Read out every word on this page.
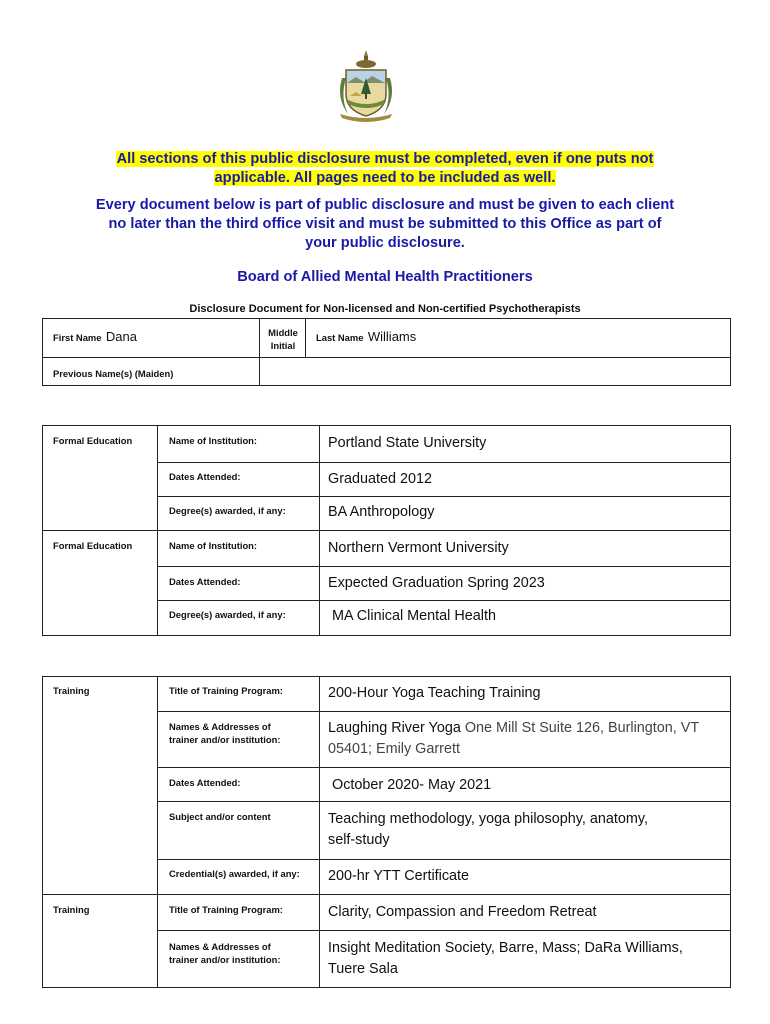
All sections of this public disclosure must be completed, even if one puts not
applicable. All pages need to be included as well.
Every document below is part of public disclosure and must be given to each client
no later than the third office visit and must be submitted to this Office as part of
your public disclosure.
Board of Allied Mental Health Practitioners
Disclosure Document for Non-licensed and Non-certified Psychotherapists
First Name Dana	Middle
Initial
Last Name Williams
Previous Name(s) (Maiden)
Formal Education	Name of Institution:	Portland State University
Dates Attended:	Graduated 2012
Degree(s) awarded, if any:	BA Anthropology
Formal Education	Name of Institution:	Northern Vermont University
Dates Attended:	Expected Graduation Spring 2023
Degree(s) awarded, if any:	MA Clinical Mental Health
Training	Title of Training Program:	200-Hour Yoga Teaching Training
Names & Addresses of
trainer and/or institution:
Laughing River Yoga One Mill St Suite 126, Burlington, VT
05401; Emily Garrett
Dates Attended:	October 2020- May 2021
Subject and/or content	Teaching methodology, yoga philosophy, anatomy,
self-study
Credential(s) awarded, if any: 200-hr YTT Certificate
Training	Title of Training Program:	Clarity, Compassion and Freedom Retreat
Names & Addresses of
trainer and/or institution:
Insight Meditation Society, Barre, Mass; DaRa Williams,
Tuere Sala
